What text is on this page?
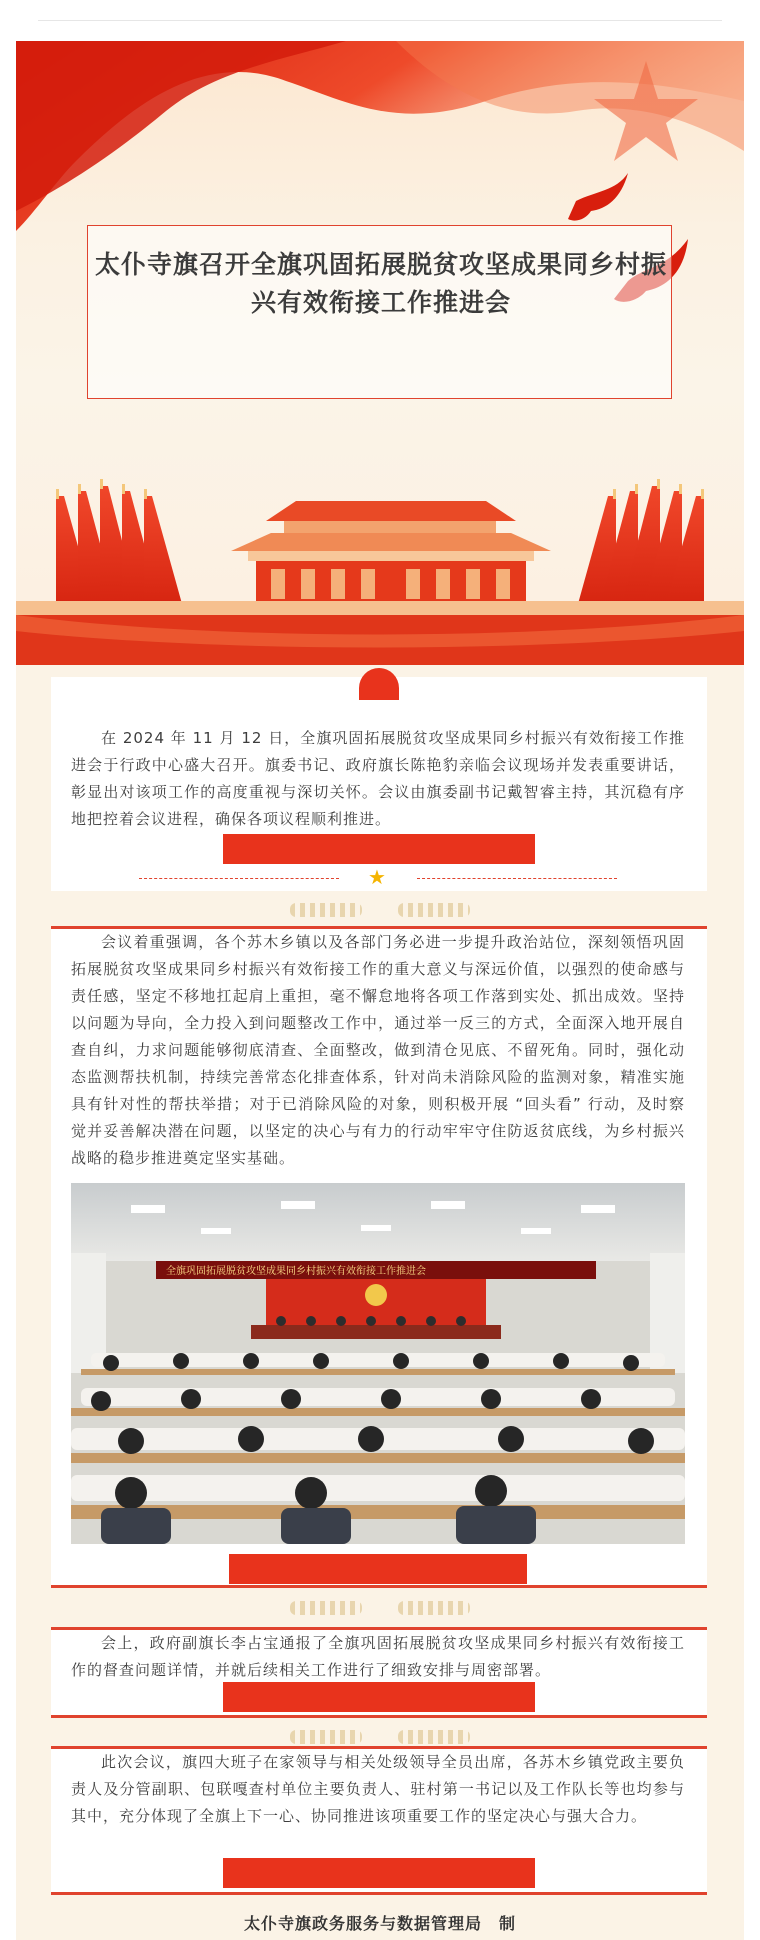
太仆寺旗召开全旗巩固拓展脱贫攻坚成果同乡村振兴有效衔接工作推进会
在 2024 年 11 月 12 日，全旗巩固拓展脱贫攻坚成果同乡村振兴有效衔接工作推进会于行政中心盛大召开。旗委书记、政府旗长陈艳豹亲临会议现场并发表重要讲话，彰显出对该项工作的高度重视与深切关怀。会议由旗委副书记戴智睿主持，其沉稳有序地把控着会议进程，确保各项议程顺利推进。
★
会议着重强调，各个苏木乡镇以及各部门务必进一步提升政治站位，深刻领悟巩固拓展脱贫攻坚成果同乡村振兴有效衔接工作的重大意义与深远价值，以强烈的使命感与责任感，坚定不移地扛起肩上重担，毫不懈怠地将各项工作落到实处、抓出成效。坚持以问题为导向，全力投入到问题整改工作中，通过举一反三的方式，全面深入地开展自查自纠，力求问题能够彻底清查、全面整改，做到清仓见底、不留死角。同时，强化动态监测帮扶机制，持续完善常态化排查体系，针对尚未消除风险的监测对象，精准实施具有针对性的帮扶举措；对于已消除风险的对象，则积极开展 “回头看” 行动，及时察觉并妥善解决潜在问题，以坚定的决心与有力的行动牢牢守住防返贫底线，为乡村振兴战略的稳步推进奠定坚实基础。
全旗巩固拓展脱贫攻坚成果同乡村振兴有效衔接工作推进会
会上，政府副旗长李占宝通报了全旗巩固拓展脱贫攻坚成果同乡村振兴有效衔接工作的督查问题详情，并就后续相关工作进行了细致安排与周密部署。
此次会议，旗四大班子在家领导与相关处级领导全员出席，各苏木乡镇党政主要负责人及分管副职、包联嘎查村单位主要负责人、驻村第一书记以及工作队长等也均参与其中，充分体现了全旗上下一心、协同推进该项重要工作的坚定决心与强大合力。
太仆寺旗政务服务与数据管理局　制
